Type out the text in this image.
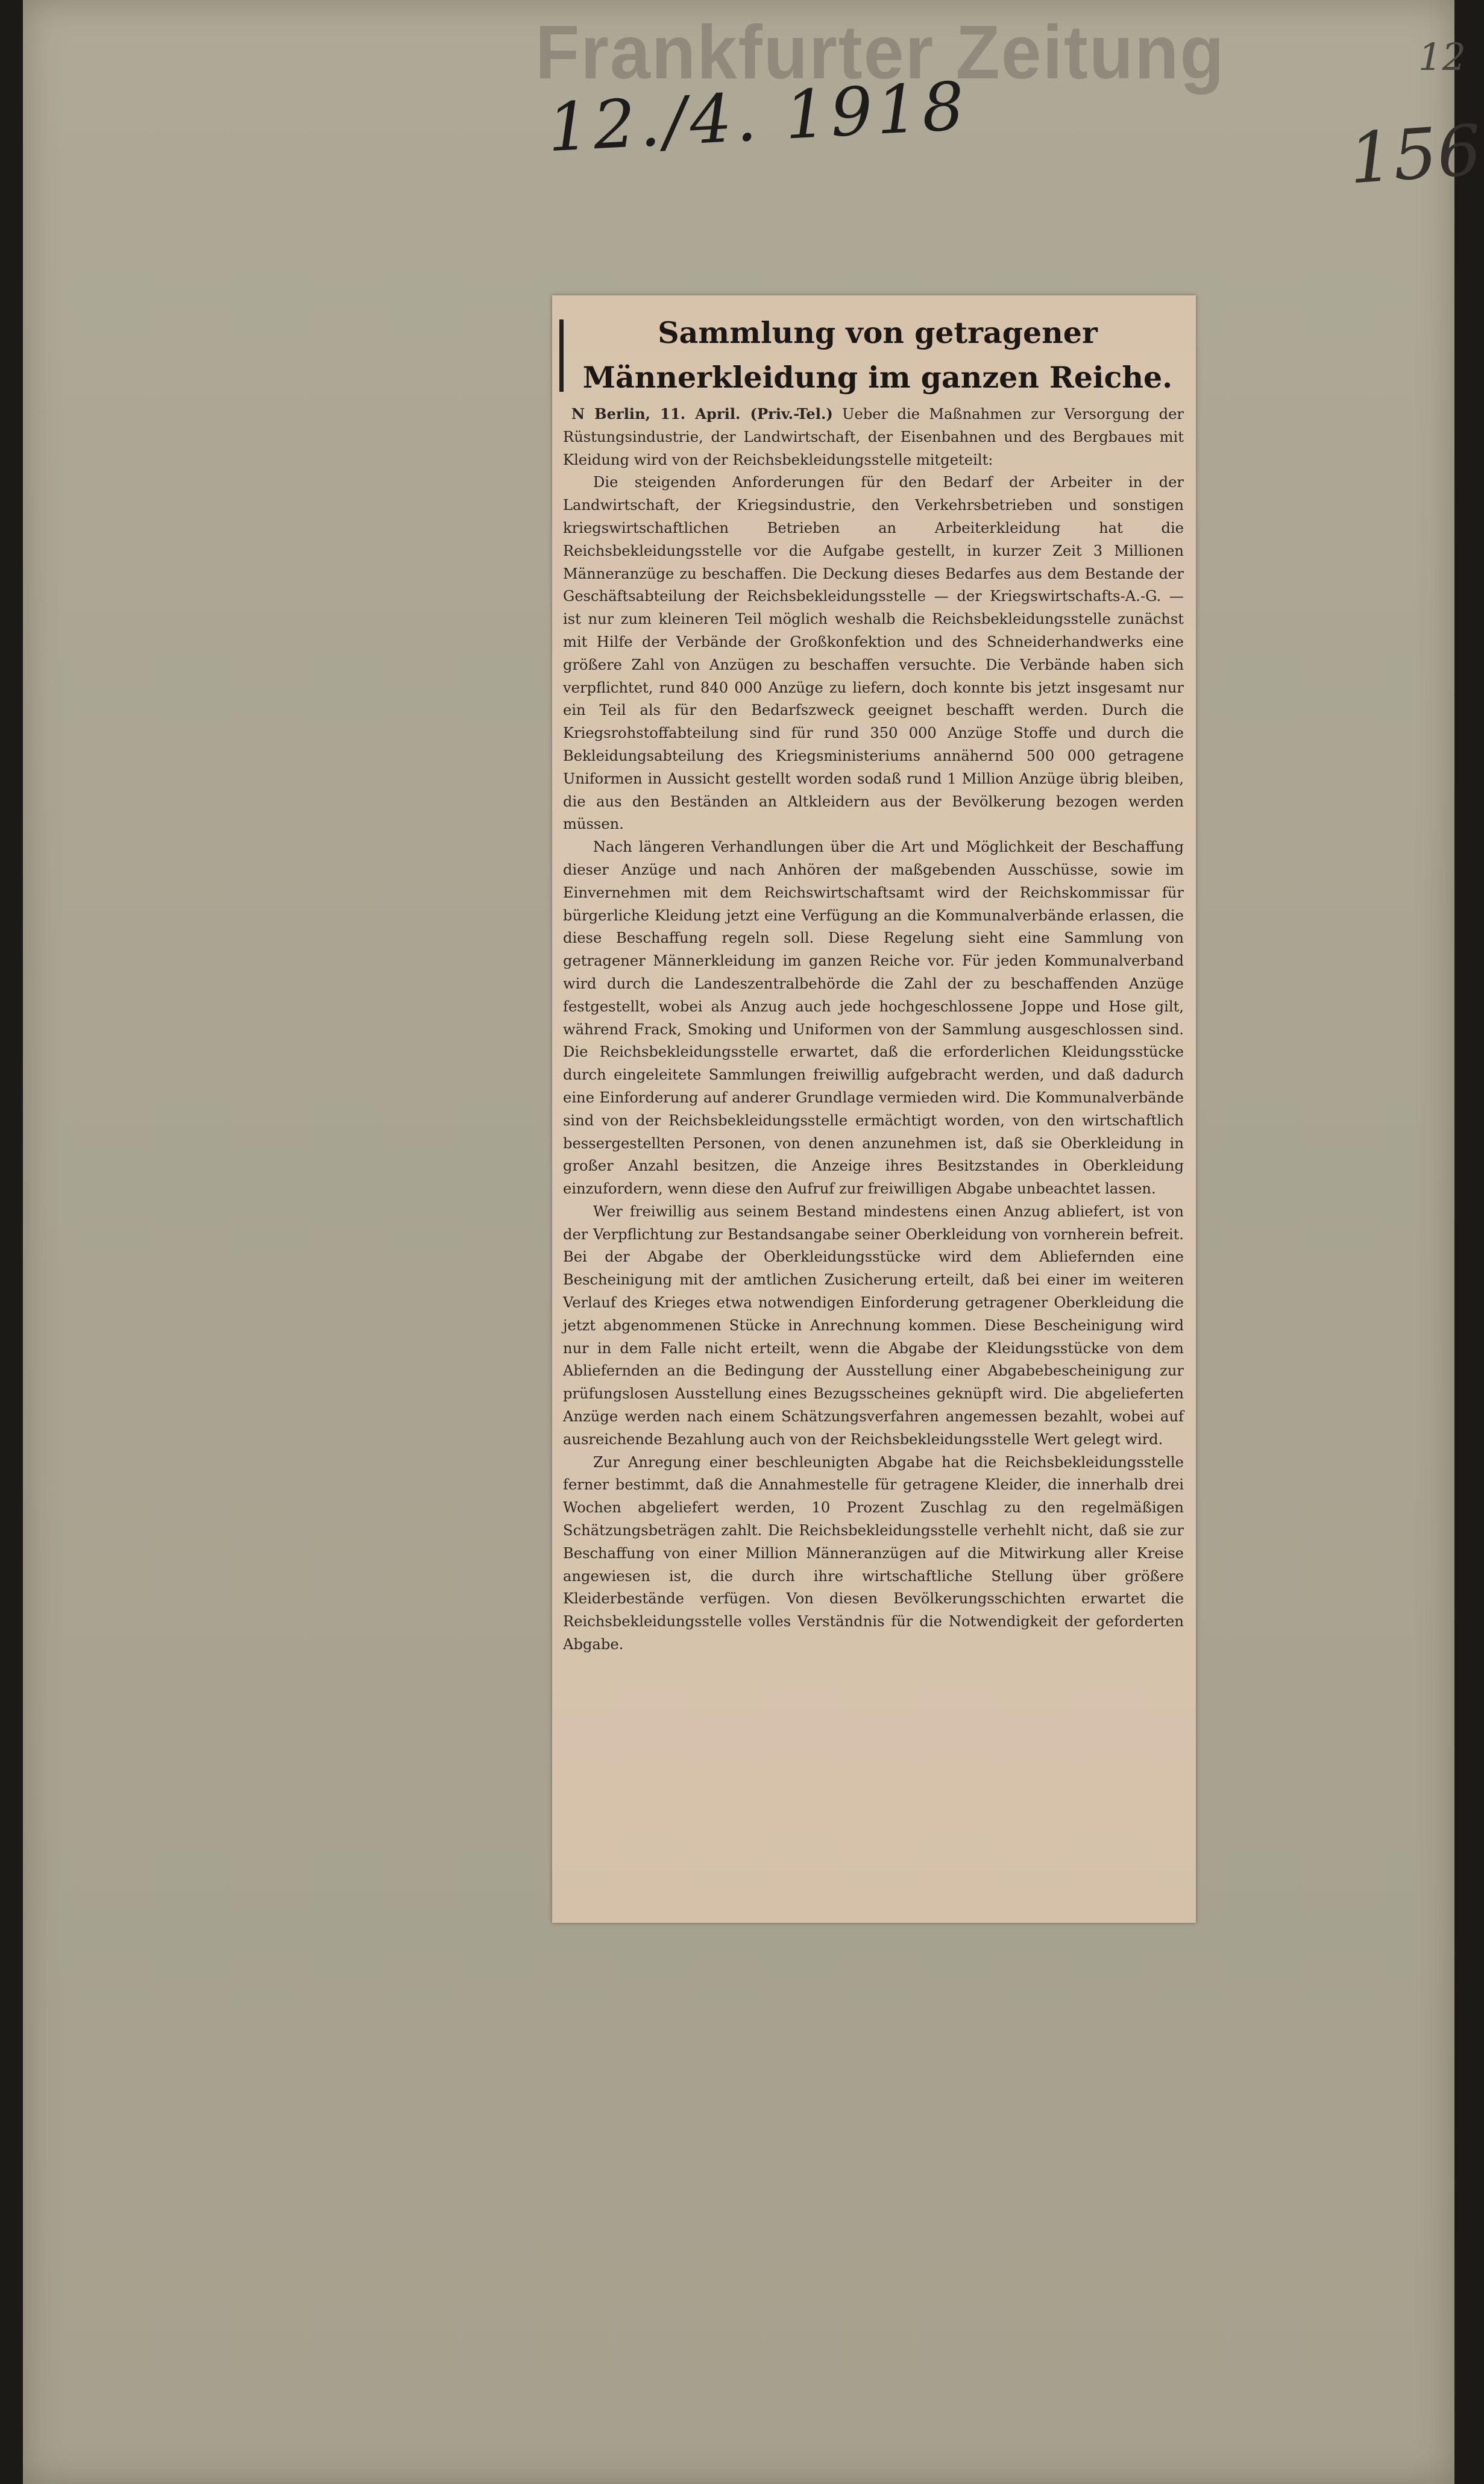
Frankfurter Zeitung
12./4. 1918
12
156
Sammlung von getragener Männerkleidung im ganzen Reiche.

N Berlin, 11. April. (Priv.-Tel.) Ueber die Maßnahmen zur Versorgung der Rüstungsindustrie, der Landwirtschaft, der Eisenbahnen und des Bergbaues mit Kleidung wird von der Reichsbekleidungsstelle mitgeteilt:

Die steigenden Anforderungen für den Bedarf der Arbeiter in der Landwirtschaft, der Kriegsindustrie, den Verkehrsbetrieben und sonstigen kriegswirtschaftlichen Betrieben an Arbeiterkleidung hat die Reichsbekleidungsstelle vor die Aufgabe gestellt, in kurzer Zeit 3 Millionen Männeranzüge zu beschaffen. Die Deckung dieses Bedarfes aus dem Bestande der Geschäftsabteilung der Reichsbekleidungsstelle — der Kriegswirtschafts-A.-G. — ist nur zum kleineren Teil möglich weshalb die Reichsbekleidungsstelle zunächst mit Hilfe der Verbände der Großkonfektion und des Schneiderhandwerks eine größere Zahl von Anzügen zu beschaffen versuchte. Die Verbände haben sich verpflichtet, rund 840 000 Anzüge zu liefern, doch konnte bis jetzt insgesamt nur ein Teil als für den Bedarfszweck geeignet beschafft werden. Durch die Kriegsrohstoffabteilung sind für rund 350 000 Anzüge Stoffe und durch die Bekleidungsabteilung des Kriegsministeriums annähernd 500 000 getragene Uniformen in Aussicht gestellt worden sodaß rund 1 Million Anzüge übrig bleiben, die aus den Beständen an Altkleidern aus der Bevölkerung bezogen werden müssen.

Nach längeren Verhandlungen über die Art und Möglichkeit der Beschaffung dieser Anzüge und nach Anhören der maßgebenden Ausschüsse, sowie im Einvernehmen mit dem Reichswirtschaftsamt wird der Reichskommissar für bürgerliche Kleidung jetzt eine Verfügung an die Kommunalverbände erlassen, die diese Beschaffung regeln soll. Diese Regelung sieht eine Sammlung von getragener Männerkleidung im ganzen Reiche vor. Für jeden Kommunalverband wird durch die Landeszentralbehörde die Zahl der zu beschaffenden Anzüge festgestellt, wobei als Anzug auch jede hochgeschlossene Joppe und Hose gilt, während Frack, Smoking und Uniformen von der Sammlung ausgeschlossen sind. Die Reichsbekleidungsstelle erwartet, daß die erforderlichen Kleidungsstücke durch eingeleitete Sammlungen freiwillig aufgebracht werden, und daß dadurch eine Einforderung auf anderer Grundlage vermieden wird. Die Kommunalverbände sind von der Reichsbekleidungsstelle ermächtigt worden, von den wirtschaftlich bessergestellten Personen, von denen anzunehmen ist, daß sie Oberkleidung in großer Anzahl besitzen, die Anzeige ihres Besitzstandes in Oberkleidung einzufordern, wenn diese den Aufruf zur freiwilligen Abgabe unbeachtet lassen.

Wer freiwillig aus seinem Bestand mindestens einen Anzug abliefert, ist von der Verpflichtung zur Bestandsangabe seiner Oberkleidung von vornherein befreit. Bei der Abgabe der Oberkleidungsstücke wird dem Abliefernden eine Bescheinigung mit der amtlichen Zusicherung erteilt, daß bei einer im weiteren Verlauf des Krieges etwa notwendigen Einforderung getragener Oberkleidung die jetzt abgenommenen Stücke in Anrechnung kommen. Diese Bescheinigung wird nur in dem Falle nicht erteilt, wenn die Abgabe der Kleidungsstücke von dem Abliefernden an die Bedingung der Ausstellung einer Abgabebescheinigung zur prüfungslosen Ausstellung eines Bezugsscheines geknüpft wird. Die abgelieferten Anzüge werden nach einem Schätzungsverfahren angemessen bezahlt, wobei auf ausreichende Bezahlung auch von der Reichsbekleidungsstelle Wert gelegt wird.

Zur Anregung einer beschleunigten Abgabe hat die Reichsbekleidungsstelle ferner bestimmt, daß die Annahmestelle für getragene Kleider, die innerhalb drei Wochen abgeliefert werden, 10 Prozent Zuschlag zu den regelmäßigen Schätzungsbeträgen zahlt. Die Reichsbekleidungsstelle verhehlt nicht, daß sie zur Beschaffung von einer Million Männeranzügen auf die Mitwirkung aller Kreise angewiesen ist, die durch ihre wirtschaftliche Stellung über größere Kleiderbestände verfügen. Von diesen Bevölkerungsschichten erwartet die Reichsbekleidungsstelle volles Verständnis für die Notwendigkeit der geforderten Abgabe.
